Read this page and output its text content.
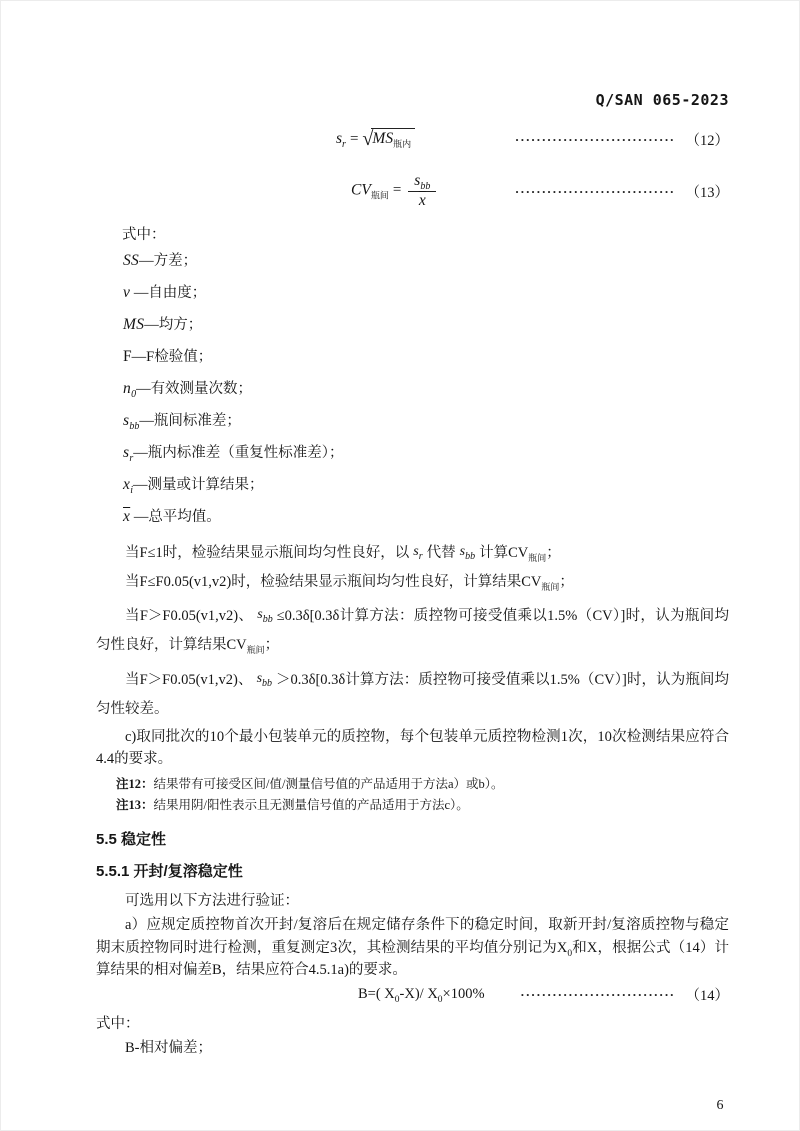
Q/SAN 065-2023
$s_r = √MS_{瓶内}$	······························ （12）
$CV_{瓶间} = \frac{s_{bb}}{x}$	······························ （13）
式中：
SS—方差；
v —自由度；
MS—均方；
F—F检验值；
$n_0—$有效测量次数；
$s_{bb}—$瓶间标准差；
$s_r—$瓶内标准差（重复性标准差）；
$x_i—$测量或计算结果；
$\overline{x}$ —总平均值。

当F≤1时，检验结果显示瓶间均匀性良好，以 $s_r$ 代替 $s_{bb}$ 计算$CV_{瓶间}$；

当F≤F0.05(v1,v2)时，检验结果显示瓶间均匀性良好，计算结果$CV_{瓶间}$；

当F＞F0.05(v1,v2)、 $s_{bb} \le 0.3\delta[0.3\delta$计算方法：质控物可接受值乘以1.5%（CV）]时，认为瓶间均匀性良好，计算结果$CV_{瓶间}$；

当F＞F0.05(v1,v2)、 $s_{bb} >0.3\delta[0.3\delta$计算方法：质控物可接受值乘以1.5%（CV）]时，认为瓶间均匀性较差。

c)取同批次的10个最小包装单元的质控物，每个包装单元质控物检测1次，10次检测结果应符合4.4的要求。

注12：结果带有可接受区间/值/测量信号值的产品适用于方法a）或b）。
注13：结果用阴/阳性表示且无测量信号值的产品适用于方法c）。
5.5 稳定性
5.5.1 开封/复溶稳定性

可选用以下方法进行验证：

a）应规定质控物首次开封/复溶后在规定储存条件下的稳定时间，取新开封/复溶质控物与稳定期末质控物同时进行检测，重复测定3次，其检测结果的平均值分别记为$X_0$和X，根据公式（14）计算结果的相对偏差B，结果应符合4.5.1a)的要求。

B=( $X_0-X)/$ $X_0\times 100\%$	····························· （14）
式中：
B-相对偏差；
6
